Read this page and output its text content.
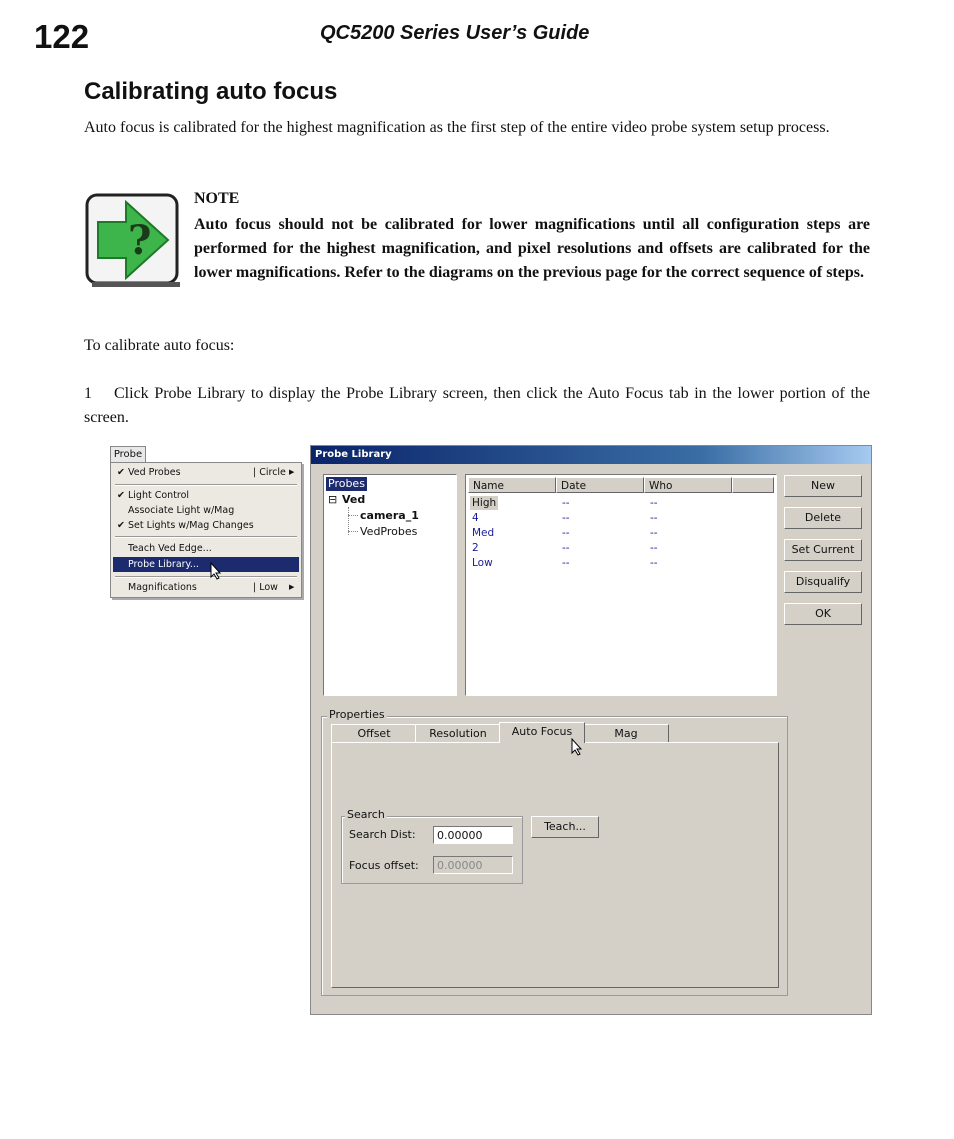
122	QC5200 Series User’s Guide
Calibrating auto focus
Auto focus is calibrated for the highest magnification as the first step of the entire video probe system setup process.
?
NOTE
Auto focus should not be calibrated for lower magnifications until all configuration steps are performed for the highest magnification, and pixel resolutions and offsets are calibrated for the lower magnifications. Refer to the diagrams on the previous page for the correct sequence of steps.
To calibrate auto focus:
1 Click Probe Library to display the Probe Library screen, then click the Auto Focus tab in the lower portion of the screen.
Probe
✔ Ved Probes	| Circle ▶
✔ Light Control
Associate Light w/Mag
✔ Set Lights w/Mag Changes
Teach Ved Edge...
Probe Library...
Magnifications	| Low ▶
Probe Library
Probes
⊟ Ved
camera_1
VedProbes
Name	Date	Who
High	--	--
4	--	--
Med	--	--
2	--	--
Low	--	--
New
Delete
Set Current
Disqualify
OK
Properties
Offset	Resolution	Auto Focus	Mag
Search
Search Dist:	0.00000
Focus offset:	0.00000
Teach...
